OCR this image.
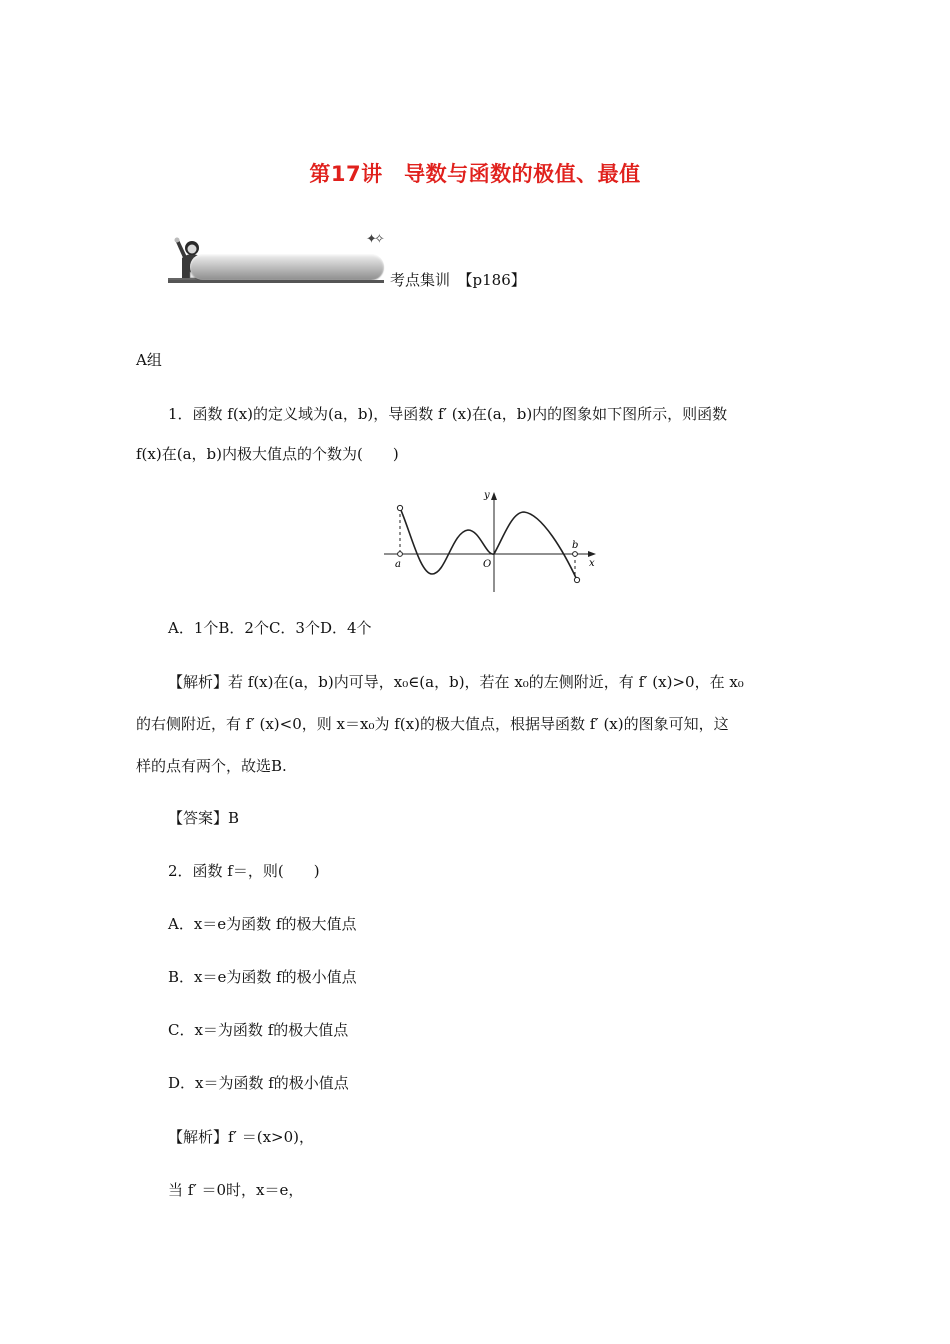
第17讲　导数与函数的极值、最值
✦✧
考点集训　【p186】
A组
1．函数 f(x)的定义域为(a，b)，导函数 f′ (x)在(a，b)内的图象如下图所示，则函数
f(x)在(a，b)内极大值点的个数为(　　)
y
x
a	O
b
A．1个B．2个C．3个D．4个
【解析】若 f(x)在(a，b)内可导，x₀∈(a，b)，若在 x₀的左侧附近，有 f′ (x)>0，在 x₀
的右侧附近，有 f′ (x)<0，则 x＝x₀为 f(x)的极大值点，根据导函数 f′ (x)的图象可知，这
样的点有两个，故选B.
【答案】B
2．函数 f＝，则(　　)
A．x＝e为函数 f的极大值点
B．x＝e为函数 f的极小值点
C．x＝为函数 f的极大值点
D．x＝为函数 f的极小值点
【解析】f′ ＝(x>0)，
当 f′ ＝0时，x＝e，
